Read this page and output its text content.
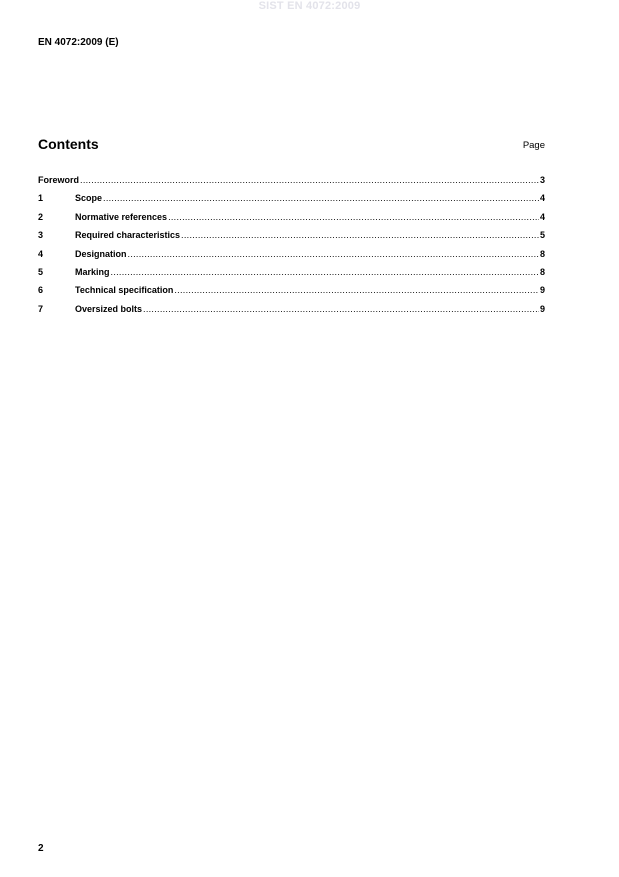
SIST EN 4072:2009
EN 4072:2009 (E)
Contents	Page
Foreword .....	3
1	Scope .....	4
2	Normative references .....	4
3	Required characteristics .....	5
4	Designation .....	8
5	Marking .....	8
6	Technical specification .....	9
7	Oversized bolts .....	9
2
